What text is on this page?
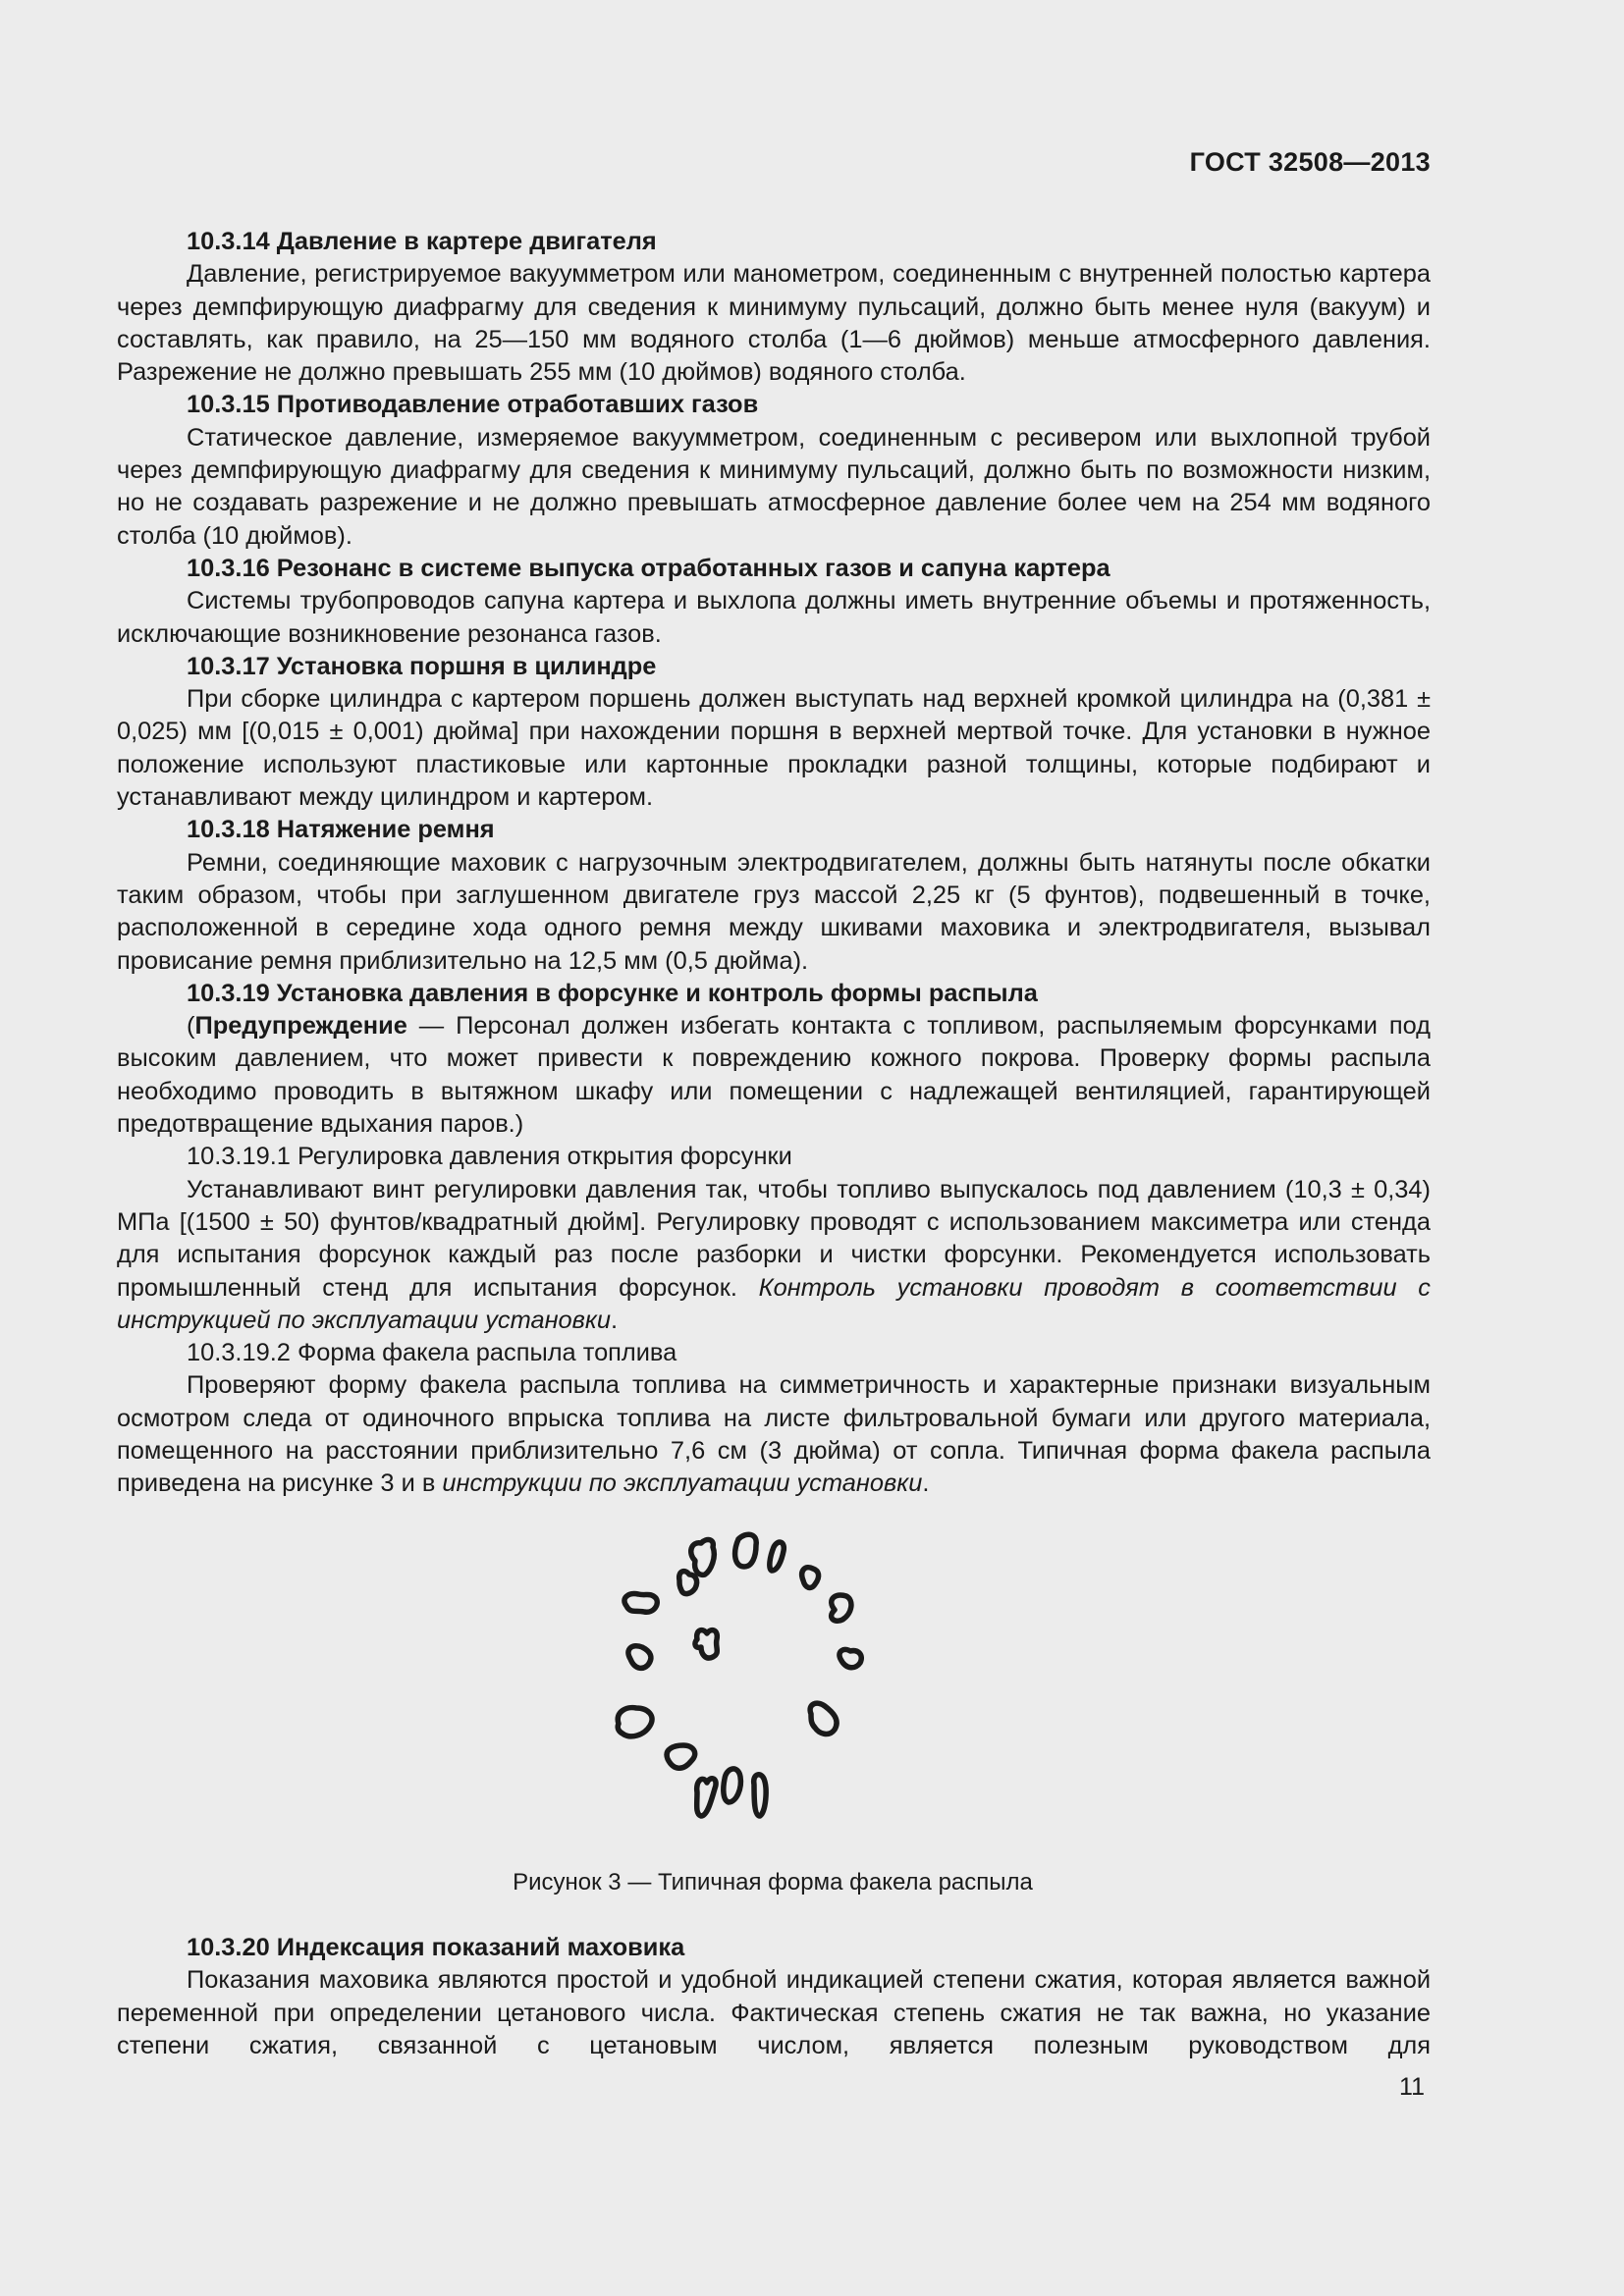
ГОСТ 32508—2013

10.3.14 Давление в картере двигателя

Давление, регистрируемое вакуумметром или манометром, соединенным с внутренней полостью картера через демпфирующую диафрагму для сведения к минимуму пульсаций, должно быть менее нуля (вакуум) и составлять, как правило, на 25—150 мм водяного столба (1—6 дюймов) меньше атмосферного давления. Разрежение не должно превышать 255 мм (10 дюймов) водяного столба.

10.3.15 Противодавление отработавших газов

Статическое давление, измеряемое вакуумметром, соединенным с ресивером или выхлопной трубой через демпфирующую диафрагму для сведения к минимуму пульсаций, должно быть по возможности низким, но не создавать разрежение и не должно превышать атмосферное давление более чем на 254 мм водяного столба (10 дюймов).

10.3.16 Резонанс в системе выпуска отработанных газов и сапуна картера

Системы трубопроводов сапуна картера и выхлопа должны иметь внутренние объемы и протяженность, исключающие возникновение резонанса газов.

10.3.17 Установка поршня в цилиндре

При сборке цилиндра с картером поршень должен выступать над верхней кромкой цилиндра на (0,381 ± 0,025) мм [(0,015 ± 0,001) дюйма] при нахождении поршня в верхней мертвой точке. Для установки в нужное положение используют пластиковые или картонные прокладки разной толщины, которые подбирают и устанавливают между цилиндром и картером.

10.3.18 Натяжение ремня

Ремни, соединяющие маховик с нагрузочным электродвигателем, должны быть натянуты после обкатки таким образом, чтобы при заглушенном двигателе груз массой 2,25 кг (5 фунтов), подвешенный в точке, расположенной в середине хода одного ремня между шкивами маховика и электродвигателя, вызывал провисание ремня приблизительно на 12,5 мм (0,5 дюйма).

10.3.19 Установка давления в форсунке и контроль формы распыла

(Предупреждение — Персонал должен избегать контакта с топливом, распыляемым форсунками под высоким давлением, что может привести к повреждению кожного покрова. Проверку формы распыла необходимо проводить в вытяжном шкафу или помещении с надлежащей вентиляцией, гарантирующей предотвращение вдыхания паров.)

10.3.19.1 Регулировка давления открытия форсунки

Устанавливают винт регулировки давления так, чтобы топливо выпускалось под давлением (10,3 ± 0,34) МПа [(1500 ± 50) фунтов/квадратный дюйм]. Регулировку проводят с использованием максиметра или стенда для испытания форсунок каждый раз после разборки и чистки форсунки. Рекомендуется использовать промышленный стенд для испытания форсунок. Контроль установки проводят в соответствии с инструкцией по эксплуатации установки.

10.3.19.2 Форма факела распыла топлива

Проверяют форму факела распыла топлива на симметричность и характерные признаки визуальным осмотром следа от одиночного впрыска топлива на листе фильтровальной бумаги или другого материала, помещенного на расстоянии приблизительно 7,6 см (3 дюйма) от сопла. Типичная форма факела распыла приведена на рисунке 3 и в инструкции по эксплуатации установки.

Рисунок 3 — Типичная форма факела распыла

10.3.20 Индексация показаний маховика

Показания маховика являются простой и удобной индикацией степени сжатия, которая является важной переменной при определении цетанового числа. Фактическая степень сжатия не так важна, но указание степени сжатия, связанной с цетановым числом, является полезным руководством для

11
